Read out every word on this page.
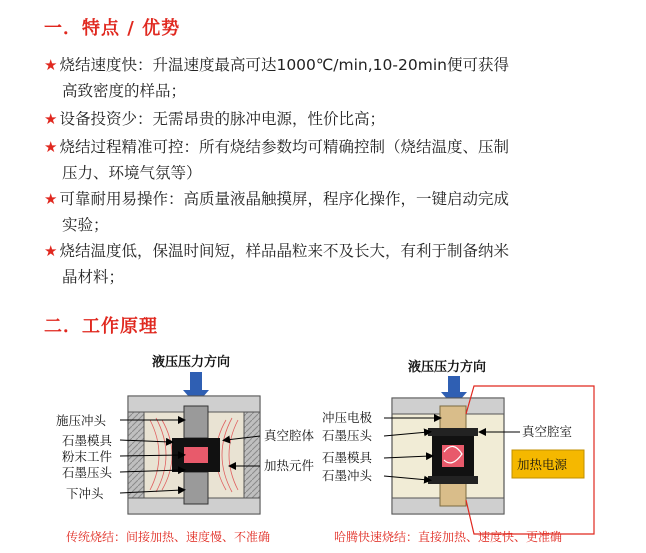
一．特点 / 优势
★ 烧结速度快：升温速度最高可达1000℃/min,10-20min便可获得
高致密度的样品；
★ 设备投资少：无需昂贵的脉冲电源，性价比高；
★ 烧结过程精准可控：所有烧结参数均可精确控制（烧结温度、压制
压力、环境气氛等）
★ 可靠耐用易操作：高质量液晶触摸屏，程序化操作，一键启动完成
实验；
★ 烧结温度低，保温时间短，样品晶粒来不及长大，有利于制备纳米
晶材料；
二．工作原理
液压压力方向
施压冲头
石墨模具
粉末工件
石墨压头
下冲头
真空腔体
加热元件
传统烧结：间接加热、速度慢、不准确
液压压力方向
加热电源
冲压电极
石墨压头
石墨模具
石墨冲头
真空腔室
哈腾快速烧结：直接加热、速度快、更准确
